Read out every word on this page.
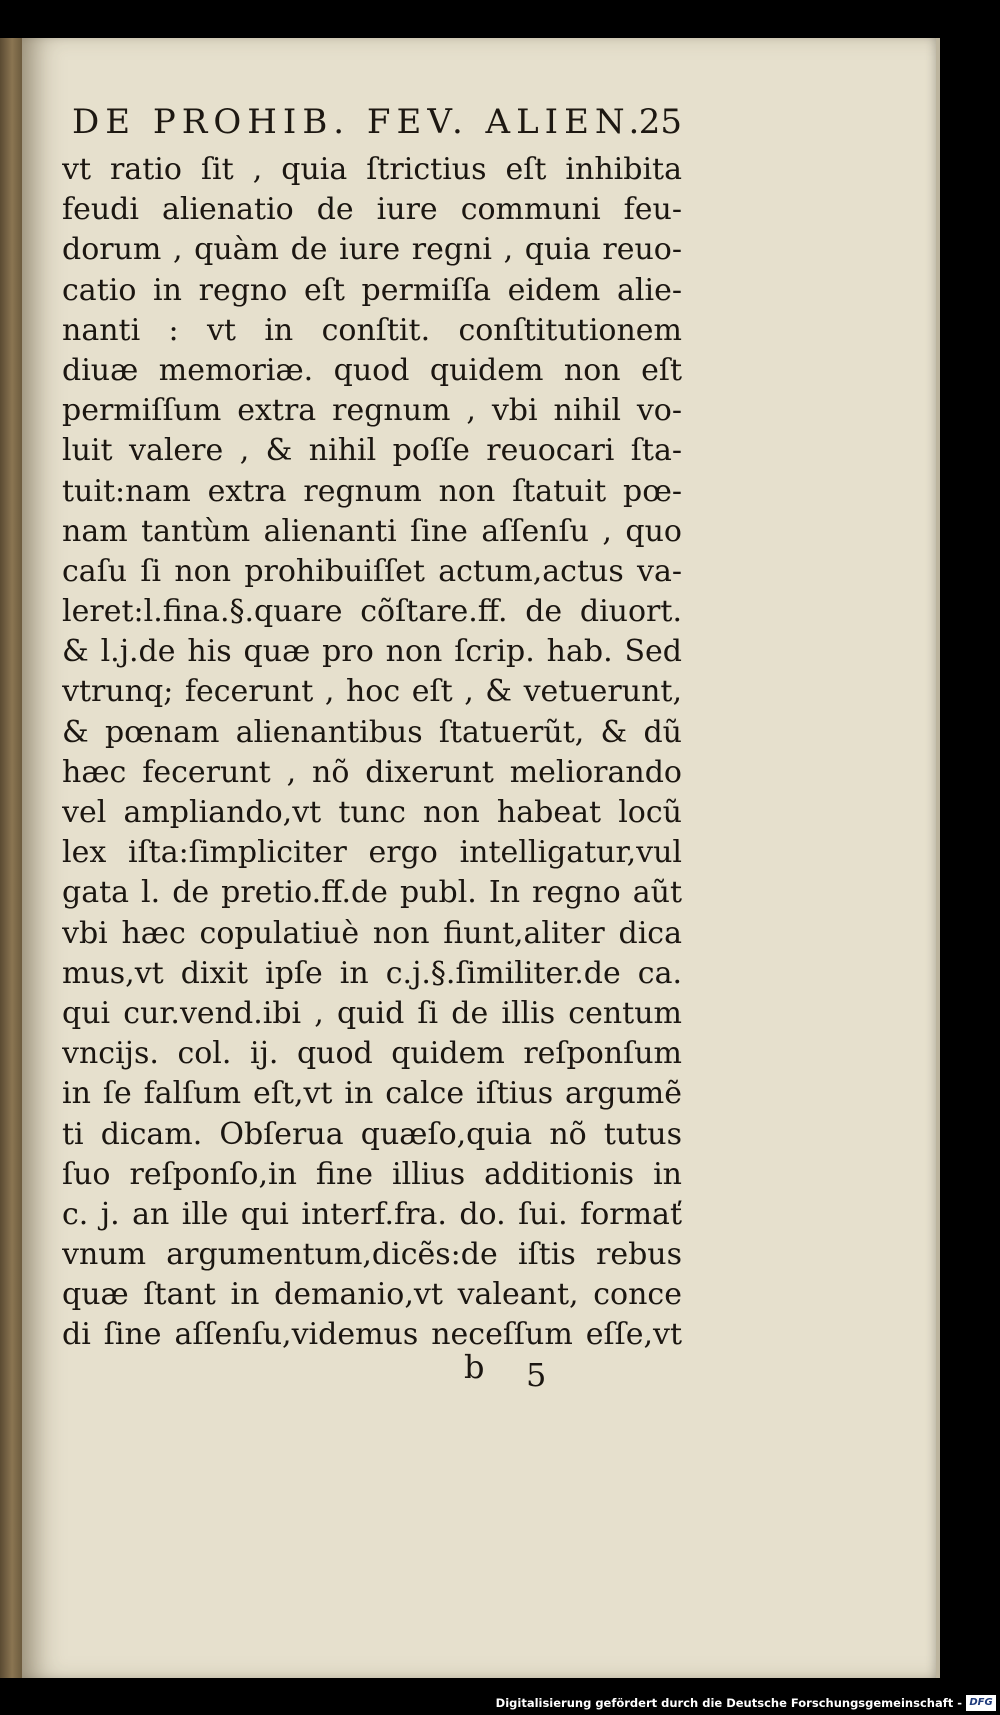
DE PROHIB. FEV. ALIEN.
25
vt ratio ſit , quia ſtrictius eſt inhibita
feudi alienatio de iure communi feu-
dorum , quàm de iure regni , quia reuo-
catio in regno eſt permiſſa eidem alie-
nanti : vt in conſtit. conſtitutionem
diuæ memoriæ. quod quidem non eſt
permiſſum extra regnum , vbi nihil vo-
luit valere , & nihil poſſe reuocari ſta-
tuit:nam extra regnum non ſtatuit pœ-
nam tantùm alienanti ſine aſſenſu , quo
caſu ſi non prohibuiſſet actum,actus va-
leret:l.fina.§.quare cõſtare.ff. de diuort.
& l.j.de his quæ pro non ſcrip. hab. Sed
vtrunq; fecerunt , hoc eſt , & vetuerunt,
& pœnam alienantibus ſtatuerũt, & dũ
hæc fecerunt , nõ dixerunt meliorando
vel ampliando,vt tunc non habeat locũ
lex iſta:ſimpliciter ergo intelligatur,vul
gata l. de pretio.ff.de publ. In regno aũt
vbi hæc copulatiuè non fiunt,aliter dica
mus,vt dixit ipſe in c.j.§.ſimiliter.de ca.
qui cur.vend.ibi , quid ſi de illis centum
vncijs. col. ij. quod quidem reſponſum
in ſe falſum eſt,vt in calce iſtius argumẽ
ti dicam. Obſerua quæſo,quia nõ tutus
ſuo reſponſo,in fine illius additionis in
c. j. an ille qui interf.fra. do. ſui. formať
vnum argumentum,dicẽs:de iſtis rebus
quæ ſtant in demanio,vt valeant, conce
di ſine aſſenſu,videmus neceſſum eſſe,vt
b 5
Digitalisierung gefördert durch die Deutsche Forschungsgemeinschaft - DFG
